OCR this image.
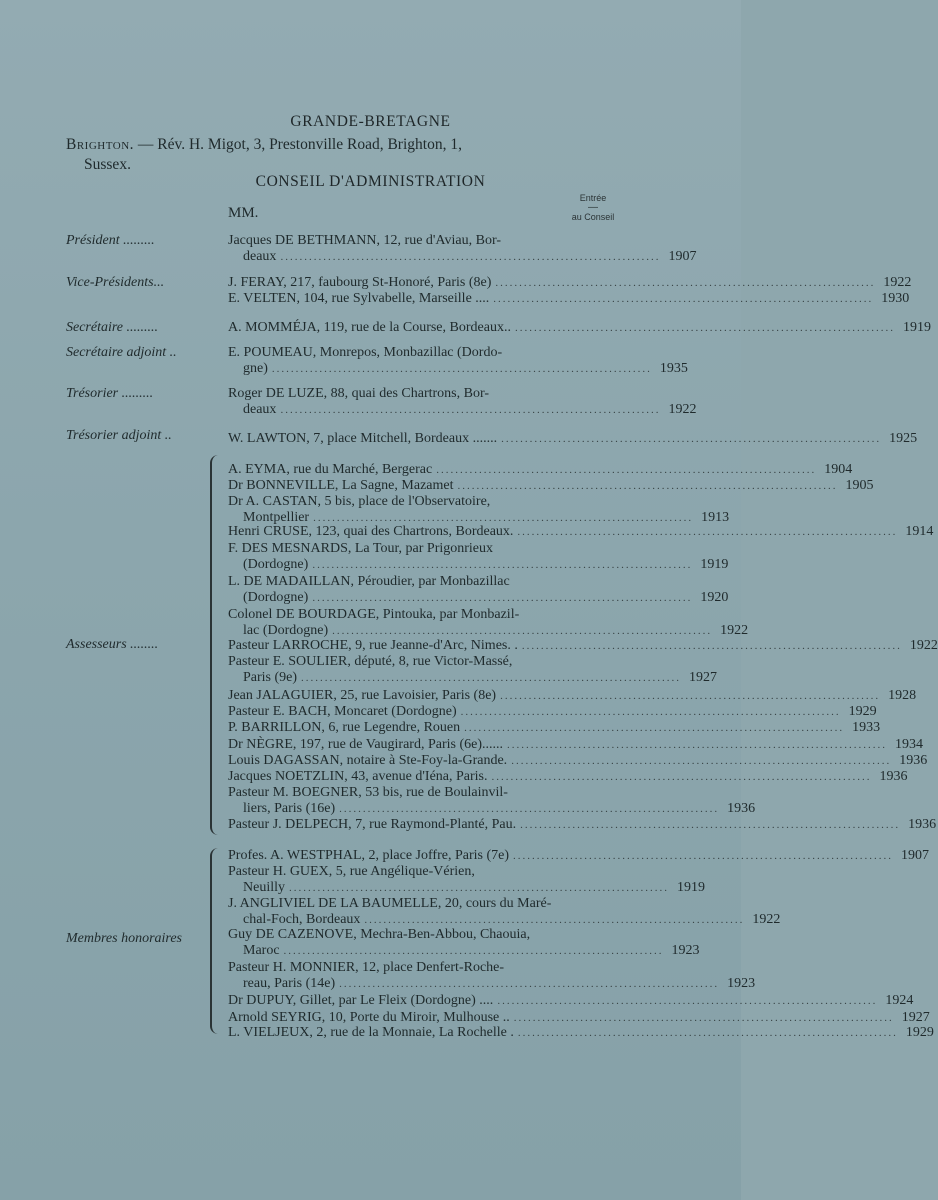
GRANDE-BRETAGNE
Brighton. — Rév. H. Migot, 3, Prestonville Road, Brighton, 1,
Sussex.
CONSEIL D'ADMINISTRATION
MM.
Entrée
—
au Conseil
Président .........
Vice-Présidents...
Secrétaire .........
Secrétaire adjoint ..
Trésorier .........
Trésorier adjoint ..
Assesseurs ........
Membres honoraires
Jacques DE BETHMANN, 12, rue d'Aviau, Bor-
deaux ................................................................................ 1907
J. FERAY, 217, faubourg St-Honoré, Paris (8e) ................................................................................ 1922
E. VELTEN, 104, rue Sylvabelle, Marseille .... ................................................................................ 1930
A. MOMMÉJA, 119, rue de la Course, Bordeaux.. ................................................................................ 1919
E. POUMEAU, Monrepos, Monbazillac (Dordo-
gne) ................................................................................ 1935
Roger DE LUZE, 88, quai des Chartrons, Bor-
deaux ................................................................................ 1922
W. LAWTON, 7, place Mitchell, Bordeaux ....... ................................................................................ 1925
A. EYMA, rue du Marché, Bergerac ................................................................................ 1904
Dr BONNEVILLE, La Sagne, Mazamet ................................................................................ 1905
Dr A. CASTAN, 5 bis, place de l'Observatoire,
Montpellier ................................................................................ 1913
Henri CRUSE, 123, quai des Chartrons, Bordeaux. ................................................................................ 1914
F. DES MESNARDS, La Tour, par Prigonrieux
(Dordogne) ................................................................................ 1919
L. DE MADAILLAN, Péroudier, par Monbazillac
(Dordogne) ................................................................................ 1920
Colonel DE BOURDAGE, Pintouka, par Monbazil-
lac (Dordogne) ................................................................................ 1922
Pasteur LARROCHE, 9, rue Jeanne-d'Arc, Nimes. . ................................................................................ 1922
Pasteur E. SOULIER, député, 8, rue Victor-Massé,
Paris (9e) ................................................................................ 1927
Jean JALAGUIER, 25, rue Lavoisier, Paris (8e) ................................................................................ 1928
Pasteur E. BACH, Moncaret (Dordogne) ................................................................................ 1929
P. BARRILLON, 6, rue Legendre, Rouen ................................................................................ 1933
Dr NÈGRE, 197, rue de Vaugirard, Paris (6e)...... ................................................................................ 1934
Louis DAGASSAN, notaire à Ste-Foy-la-Grande. ................................................................................ 1936
Jacques NOETZLIN, 43, avenue d'Iéna, Paris. ................................................................................ 1936
Pasteur M. BOEGNER, 53 bis, rue de Boulainvil-
liers, Paris (16e) ................................................................................ 1936
Pasteur J. DELPECH, 7, rue Raymond-Planté, Pau. ................................................................................ 1936
Profes. A. WESTPHAL, 2, place Joffre, Paris (7e) ................................................................................ 1907
Pasteur H. GUEX, 5, rue Angélique-Vérien,
Neuilly ................................................................................ 1919
J. ANGLIVIEL DE LA BAUMELLE, 20, cours du Maré-
chal-Foch, Bordeaux ................................................................................ 1922
Guy DE CAZENOVE, Mechra-Ben-Abbou, Chaouia,
Maroc ................................................................................ 1923
Pasteur H. MONNIER, 12, place Denfert-Roche-
reau, Paris (14e) ................................................................................ 1923
Dr DUPUY, Gillet, par Le Fleix (Dordogne) .... ................................................................................ 1924
Arnold SEYRIG, 10, Porte du Miroir, Mulhouse .. ................................................................................ 1927
L. VIELJEUX, 2, rue de la Monnaie, La Rochelle . ................................................................................ 1929
